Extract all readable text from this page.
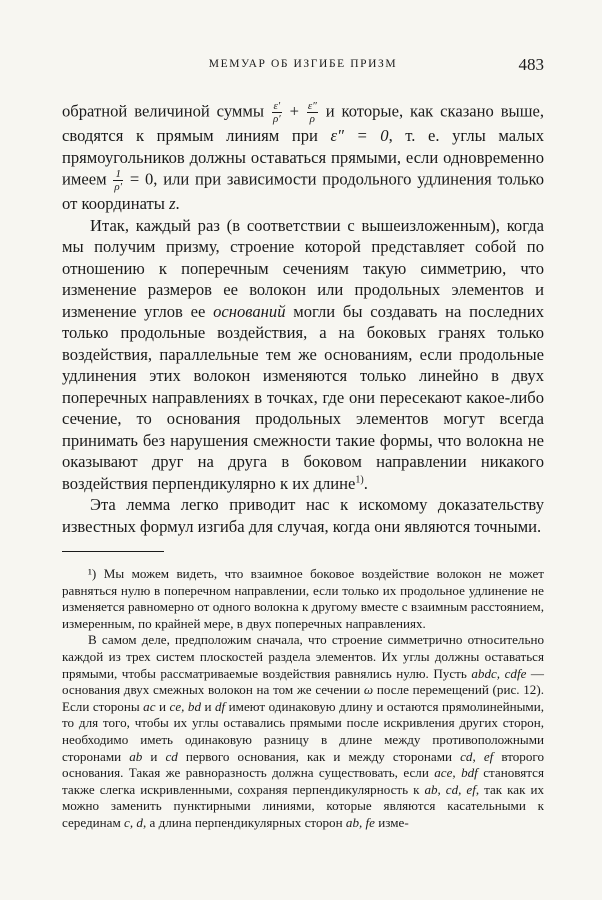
МЕМУАР ОБ ИЗГИБЕ ПРИЗМ	483

обратной величиной суммы $\frac{\varepsilon'}{\rho'} + \frac{\varepsilon''}{\rho}$ и которые, как сказано выше, сводятся к прямым линиям при ε″ = 0, т. е. углы малых прямоугольников должны оставаться прямыми, если одновременно имеем $\frac{1}{\rho'} = 0$, или при зависимости продольного удлинения только от координаты z.

Итак, каждый раз (в соответствии с вышеизложенным), когда мы получим призму, строение которой представляет собой по отношению к поперечным сечениям такую симметрию, что изменение размеров ее волокон или продольных элементов и изменение углов ее оснований могли бы создавать на последних только продольные воздействия, а на боковых гранях только воздействия, параллельные тем же основаниям, если продольные удлинения этих волокон изменяются только линейно в двух поперечных направлениях в точках, где они пересекают какое-либо сечение, то основания продольных элементов могут всегда принимать без нарушения смежности такие формы, что волокна не оказывают друг на друга в боковом направлении никакого воздействия перпендикулярно к их длине$^{1)}$.

Эта лемма легко приводит нас к искомому доказательству известных формул изгиба для случая, когда они являются точными.

¹) Мы можем видеть, что взаимное боковое воздействие волокон не может равняться нулю в поперечном направлении, если только их продольное удлинение не изменяется равномерно от одного волокна к другому вместе с взаимным расстоянием, измеренным, по крайней мере, в двух поперечных направлениях.

В самом деле, предположим сначала, что строение симметрично относительно каждой из трех систем плоскостей раздела элементов. Их углы должны оставаться прямыми, чтобы рассматриваемые воздействия равнялись нулю. Пусть abdc, cdfe — основания двух смежных волокон на том же сечении ω после перемещений (рис. 12). Если стороны ac и ce, bd и df имеют одинаковую длину и остаются прямолинейными, то для того, чтобы их углы оставались прямыми после искривления других сторон, необходимо иметь одинаковую разницу в длине между противоположными сторонами ab и cd первого основания, как и между сторонами cd, ef второго основания. Такая же равноразность должна существовать, если ace, bdf становятся также слегка искривленными, сохраняя перпендикулярность к ab, cd, ef, так как их можно заменить пунктирными линиями, которые являются касательными к серединам c, d, а длина перпендикулярных сторон ab, fe изме-
